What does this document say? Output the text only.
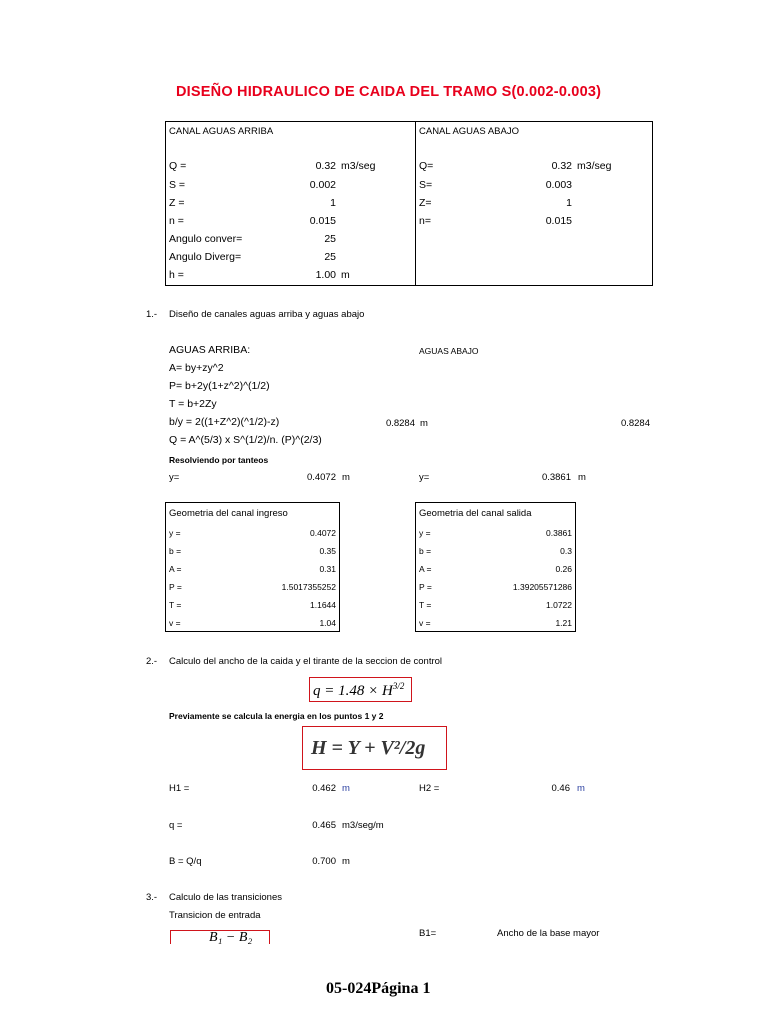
DISEÑO HIDRAULICO DE CAIDA DEL TRAMO S(0.002-0.003)
CANAL AGUAS ARRIBA	CANAL AGUAS ABAJO
Q =	0.32 m3/seg
S =	0.002
Z =	1
n =	0.015
Angulo conver=	25
Angulo Diverg=	25
h =	1.00 m
Q=	0.32 m3/seg
S=	0.003
Z=	1
n=	0.015
1.- Diseño de canales aguas arriba y aguas abajo
AGUAS ARRIBA:	AGUAS ABAJO
A= by+zy^2
P= b+2y(1+z^2)^(1/2)
T = b+2Zy
b/y = 2((1+Z^2)(^1/2)-z)	0.8284 m	0.8284
Q = A^(5/3) x S^(1/2)/n. (P)^(2/3)
Resolviendo por tanteos
y=	0.4072 m	y=	0.3861 m
Geometria del canal ingreso
y =	0.4072
b =	0.35
A =	0.31
P =	1.5017355252
T =	1.1644
v =	1.04
Geometria del canal salida
y =	0.3861
b =	0.3
A =	0.26
P =	1.39205571286
T =	1.0722
v =	1.21
2.- Calculo del ancho de la caida y el tirante de la seccion de control
$q = 1.48 \times H^{3/2}$
Previamente se calcula la energia en los puntos 1 y 2
H = Y + V²/2g
H1 =	0.462 m	H2 =	0.46 m
q =	0.465 m3/seg/m
B = Q/q	0.700 m
3.- Calculo de las transiciones
Transicion de entrada
B₁ − B₂	B1=	Ancho de la base mayor
05-024Página 1
